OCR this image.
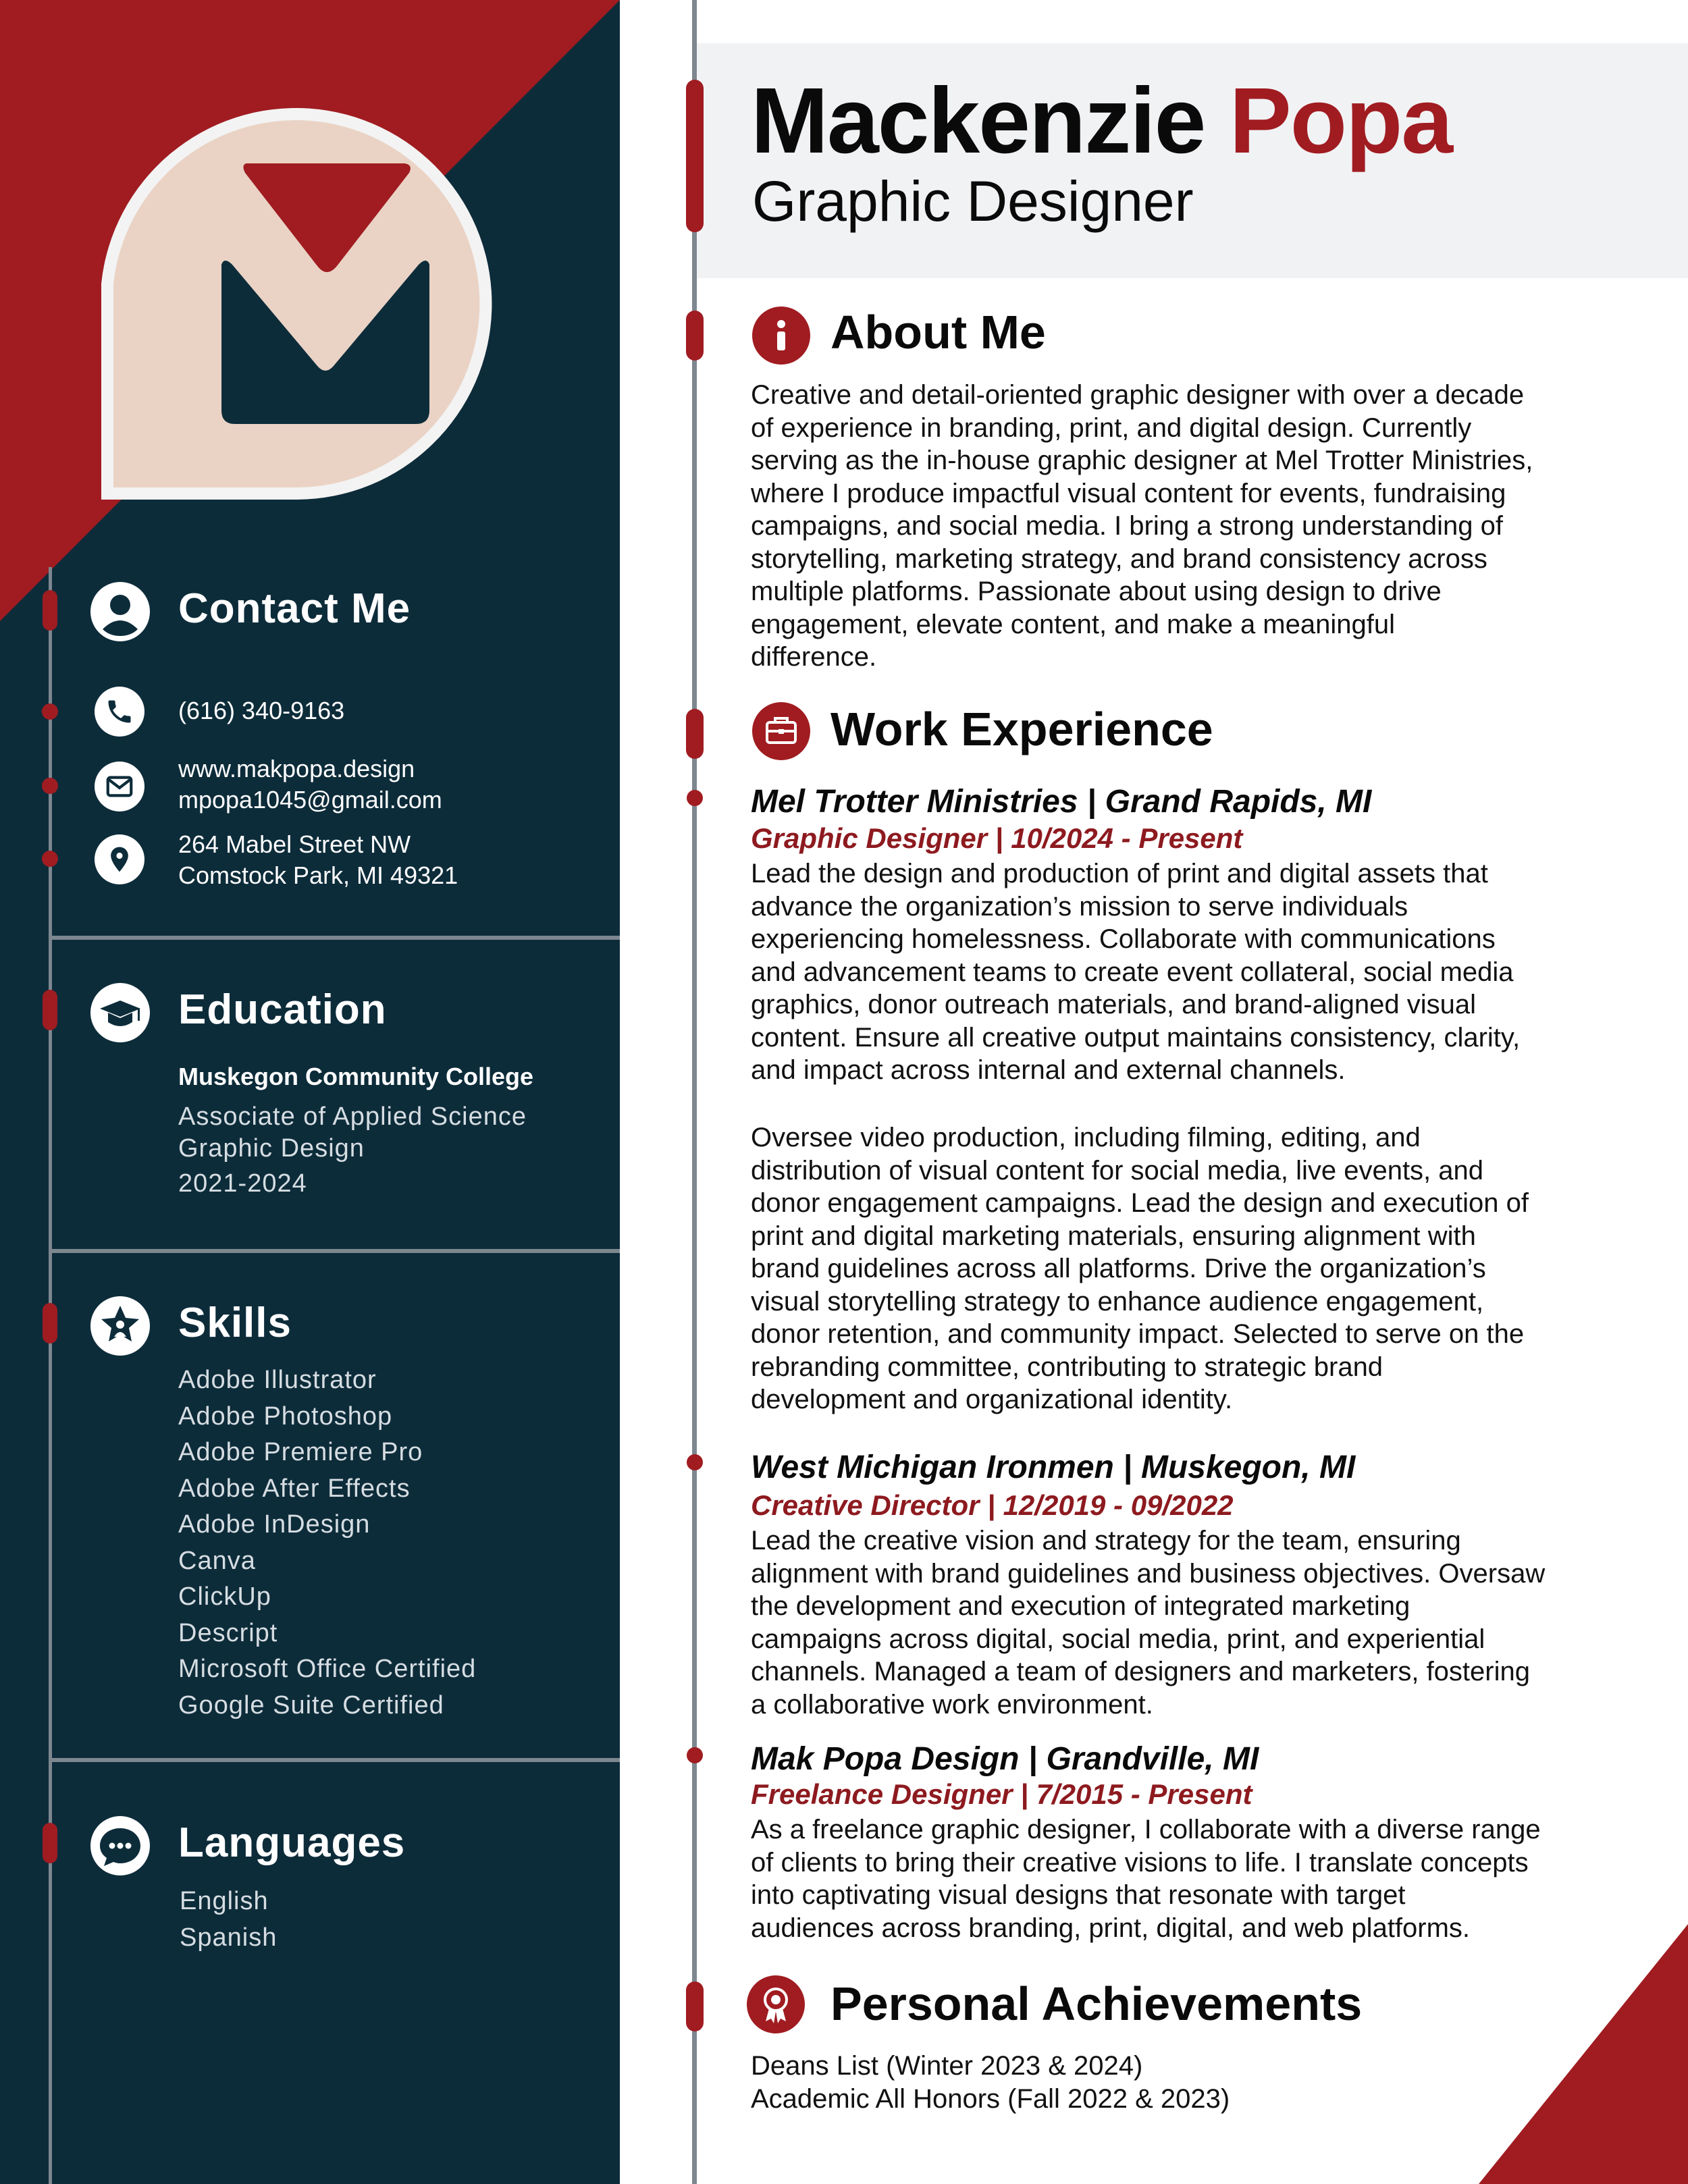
Contact Me
(616) 340-9163
www.makpopa.design
mpopa1045@gmail.com
264 Mabel Street NW
Comstock Park, MI 49321
Education
Muskegon Community College
Associate of Applied Science
Graphic Design
2021-2024
Skills
Adobe Illustrator
Adobe Photoshop
Adobe Premiere Pro
Adobe After Effects
Adobe InDesign
Canva
ClickUp
Descript
Microsoft Office Certified
Google Suite Certified
Languages
English
Spanish
Mackenzie Popa
Graphic Designer
About Me
Creative and detail-oriented graphic designer with over a decade
of experience in branding, print, and digital design. Currently
serving as the in-house graphic designer at Mel Trotter Ministries,
where I produce impactful visual content for events, fundraising
campaigns, and social media. I bring a strong understanding of
storytelling, marketing strategy, and brand consistency across
multiple platforms. Passionate about using design to drive
engagement, elevate content, and make a meaningful
difference.
Work Experience
Mel Trotter Ministries | Grand Rapids, MI
Graphic Designer | 10/2024 - Present
Lead the design and production of print and digital assets that
advance the organization’s mission to serve individuals
experiencing homelessness. Collaborate with communications
and advancement teams to create event collateral, social media
graphics, donor outreach materials, and brand-aligned visual
content. Ensure all creative output maintains consistency, clarity,
and impact across internal and external channels.
Oversee video production, including filming, editing, and
distribution of visual content for social media, live events, and
donor engagement campaigns. Lead the design and execution of
print and digital marketing materials, ensuring alignment with
brand guidelines across all platforms. Drive the organization’s
visual storytelling strategy to enhance audience engagement,
donor retention, and community impact. Selected to serve on the
rebranding committee, contributing to strategic brand
development and organizational identity.
West Michigan Ironmen | Muskegon, MI
Creative Director | 12/2019 - 09/2022
Lead the creative vision and strategy for the team, ensuring
alignment with brand guidelines and business objectives. Oversaw
the development and execution of integrated marketing
campaigns across digital, social media, print, and experiential
channels. Managed a team of designers and marketers, fostering
a collaborative work environment.
Mak Popa Design | Grandville, MI
Freelance Designer | 7/2015 - Present
As a freelance graphic designer, I collaborate with a diverse range
of clients to bring their creative visions to life. I translate concepts
into captivating visual designs that resonate with target
audiences across branding, print, digital, and web platforms.
Personal Achievements
Deans List (Winter 2023 & 2024)
Academic All Honors (Fall 2022 & 2023)
